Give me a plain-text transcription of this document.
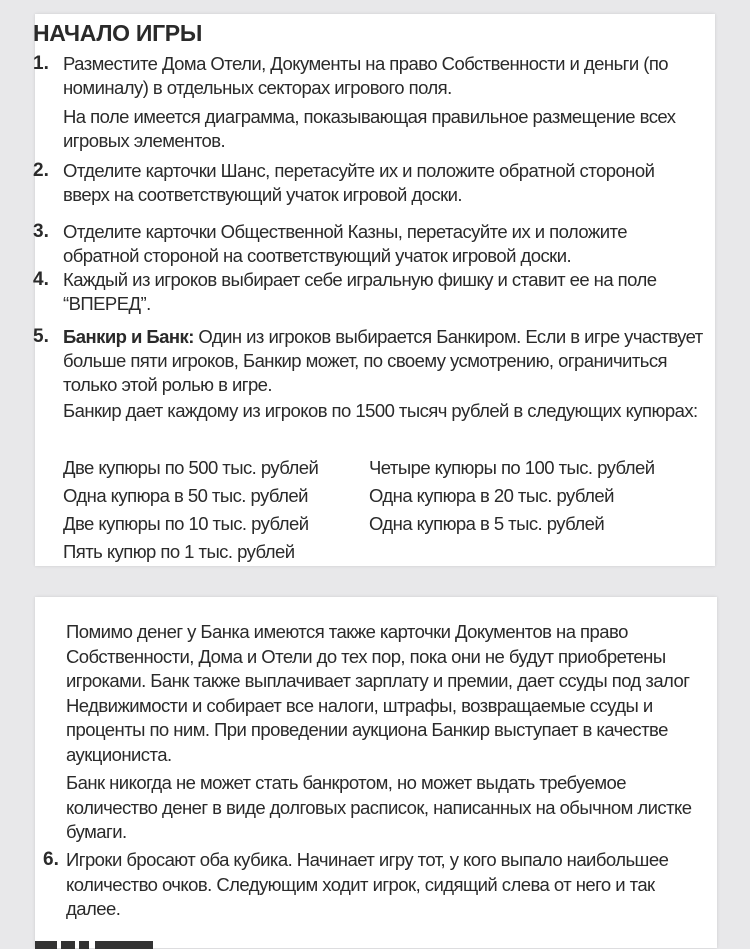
НАЧАЛО ИГРЫ
1. Разместите Дома Отели, Документы на право Собственности и деньги (по номиналу) в отдельных секторах игрового поля.
На поле имеется диаграмма, показывающая правильное размещение всех игровых элементов.
2. Отделите карточки Шанс, перетасуйте их и положите обратной стороной вверх на соответствующий учаток игровой доски.
3. Отделите карточки Общественной Казны, перетасуйте их и положите обратной стороной на соответствующий учаток игровой доски.
4. Каждый из игроков выбирает себе игральную фишку и ставит ее на поле “ВПЕРЕД”.
5. Банкир и Банк: Один из игроков выбирается Банкиром. Если в игре участвует больше пяти игроков, Банкир может, по своему усмотрению, ограничиться только этой ролью в игре.
Банкир дает каждому из игроков по 1500 тысяч рублей в следующих купюрах:
Две купюры по 500 тыс. рублей	Четыре купюры по 100 тыс. рублей
Одна купюра в 50 тыс. рублей	Одна купюра в 20 тыс. рублей
Две купюры по 10 тыс. рублей	Одна купюра в 5 тыс. рублей
Пять купюр по 1 тыс. рублей
Помимо денег у Банка имеются также карточки Документов на право Собственности, Дома и Отели до тех пор, пока они не будут приобретены игроками. Банк также выплачивает зарплату и премии, дает ссуды под залог Недвижимости и собирает все налоги, штрафы, возвращаемые ссуды и проценты по ним. При проведении аукциона Банкир выступает в качестве аукциониста.
Банк никогда не может стать банкротом, но может выдать требуемое количество денег в виде долговых расписок, написанных на обычном листке бумаги.
6. Игроки бросают оба кубика. Начинает игру тот, у кого выпало наибольшее количество очков. Следующим ходит игрок, сидящий слева от него и так далее.
